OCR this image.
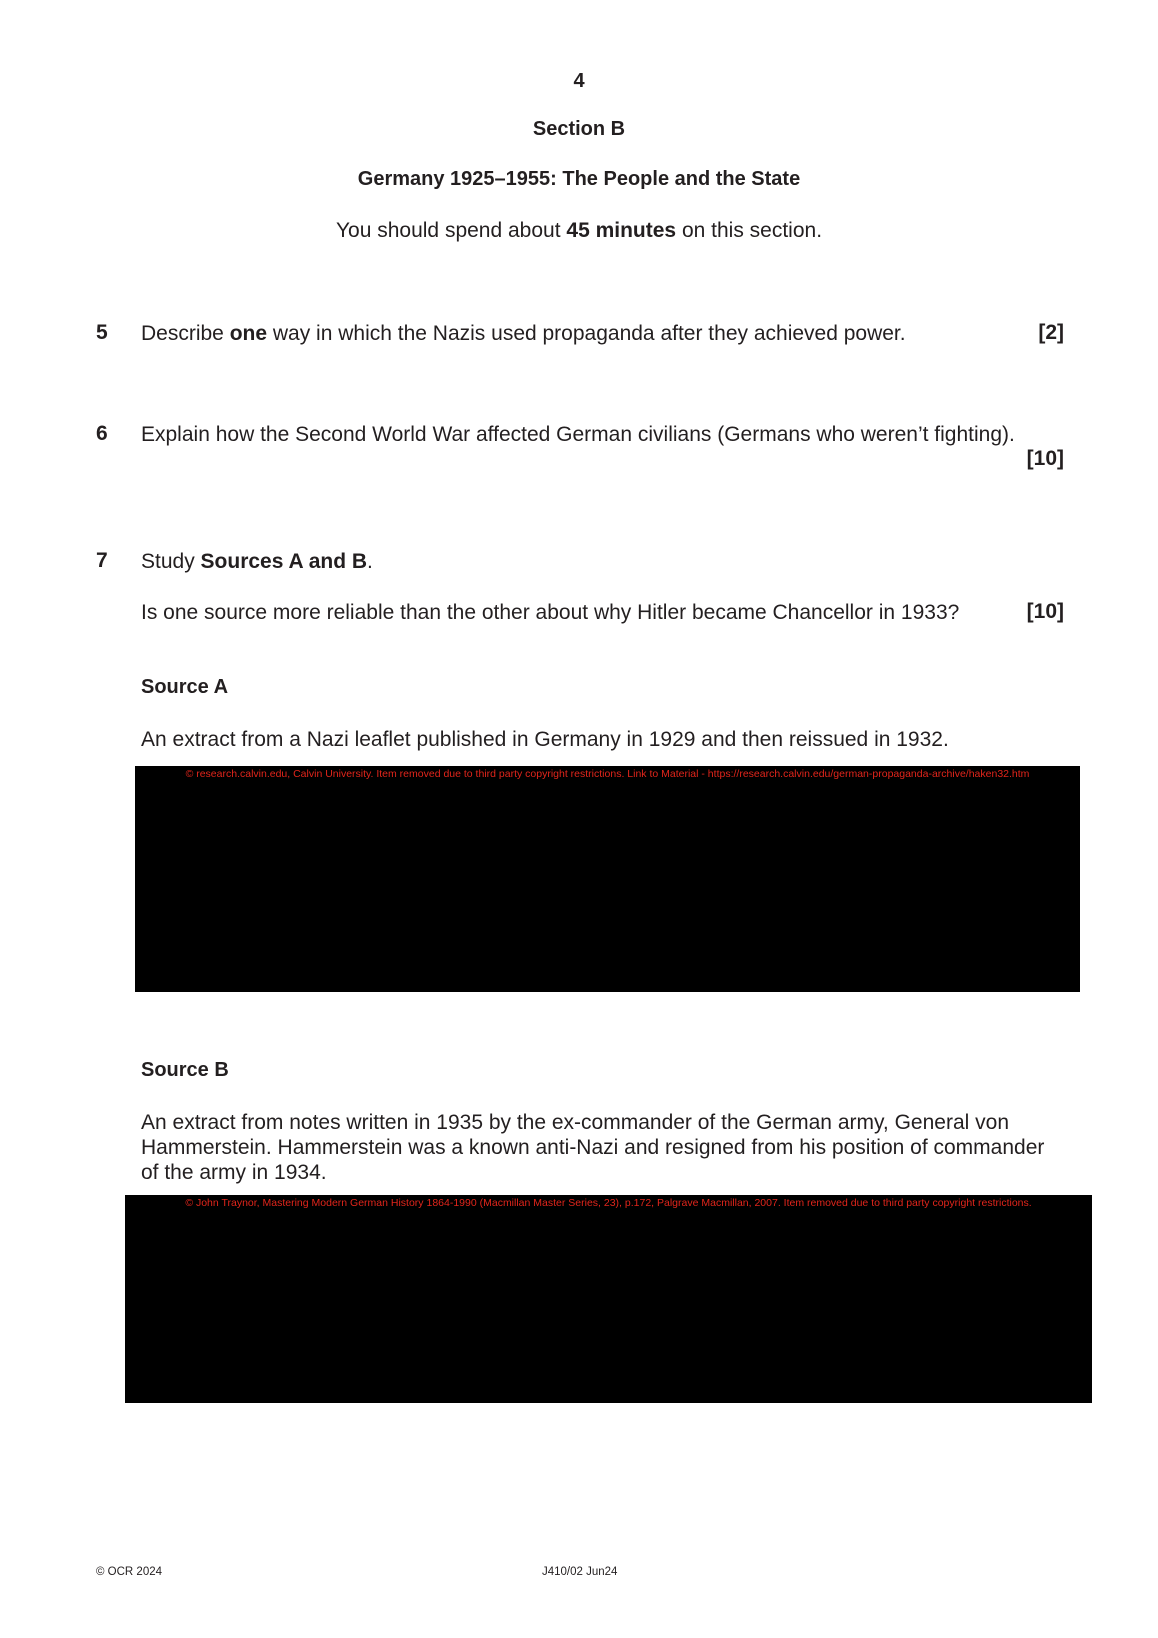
4
Section B
Germany 1925–1955: The People and the State
You should spend about 45 minutes on this section.
5 Describe one way in which the Nazis used propaganda after they achieved power.	[2]
6 Explain how the Second World War affected German civilians (Germans who weren’t fighting).
[10]
7 Study Sources A and B.
Is one source more reliable than the other about why Hitler became Chancellor in 1933?	[10]
Source A
An extract from a Nazi leaflet published in Germany in 1929 and then reissued in 1932.
© research.calvin.edu, Calvin University. Item removed due to third party copyright restrictions. Link to Material - https://research.calvin.edu/german-propaganda-archive/haken32.htm
Source B
An extract from notes written in 1935 by the ex-commander of the German army, General von
Hammerstein. Hammerstein was a known anti-Nazi and resigned from his position of commander
of the army in 1934.
© John Traynor, Mastering Modern German History 1864-1990 (Macmillan Master Series, 23), p.172, Palgrave Macmillan, 2007. Item removed due to third party copyright restrictions.
© OCR 2024	J410/02 Jun24
